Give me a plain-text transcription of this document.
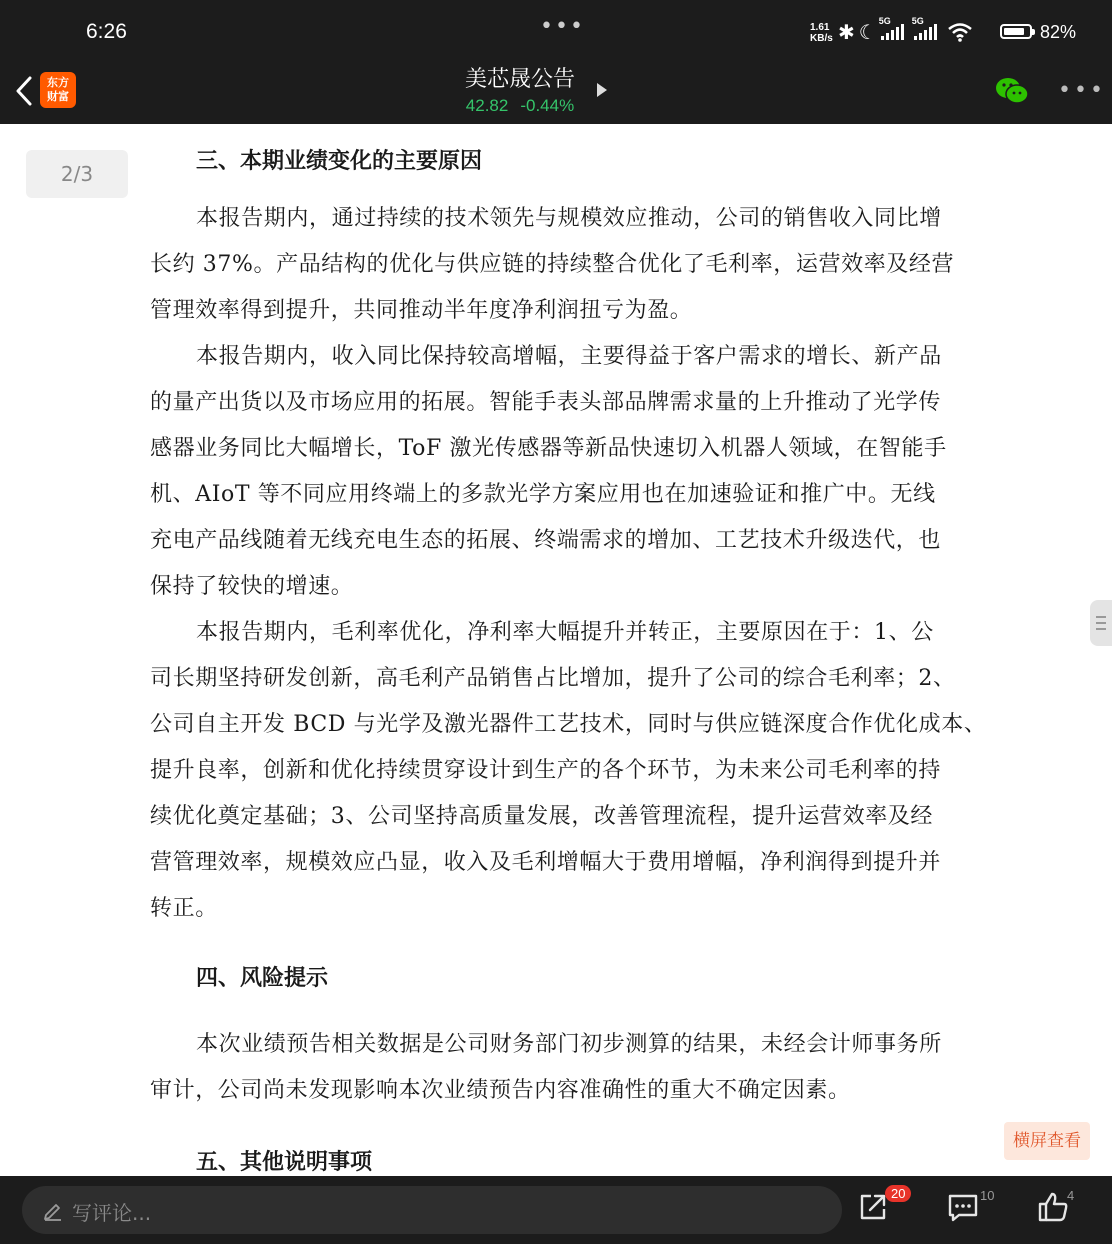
6:26	•••	1.61
KB/s ✱ ☾ 5G 5G
82%
东方
财富
美芯晟公告
42.82 -0.44%
•••
2/3	三、本期业绩变化的主要原因

本报告期内，通过持续的技术领先与规模效应推动，公司的销售收入同比增
长约 37%。产品结构的优化与供应链的持续整合优化了毛利率，运营效率及经营
管理效率得到提升，共同推动半年度净利润扭亏为盈。

本报告期内，收入同比保持较高增幅，主要得益于客户需求的增长、新产品
的量产出货以及市场应用的拓展。智能手表头部品牌需求量的上升推动了光学传
感器业务同比大幅增长，ToF 激光传感器等新品快速切入机器人领域，在智能手
机、AIoT 等不同应用终端上的多款光学方案应用也在加速验证和推广中。无线
充电产品线随着无线充电生态的拓展、终端需求的增加、工艺技术升级迭代，也
保持了较快的增速。

本报告期内，毛利率优化，净利率大幅提升并转正，主要原因在于：1、公
司长期坚持研发创新，高毛利产品销售占比增加，提升了公司的综合毛利率；2、
公司自主开发 BCD 与光学及激光器件工艺技术，同时与供应链深度合作优化成本、
提升良率，创新和优化持续贯穿设计到生产的各个环节，为未来公司毛利率的持
续优化奠定基础；3、公司坚持高质量发展，改善管理流程，提升运营效率及经
营管理效率，规模效应凸显，收入及毛利增幅大于费用增幅，净利润得到提升并
转正。

四、风险提示

本次业绩预告相关数据是公司财务部门初步测算的结果，未经会计师事务所
审计，公司尚未发现影响本次业绩预告内容准确性的重大不确定因素。

五、其他说明事项
横屏查看
写评论...
20	10	4
